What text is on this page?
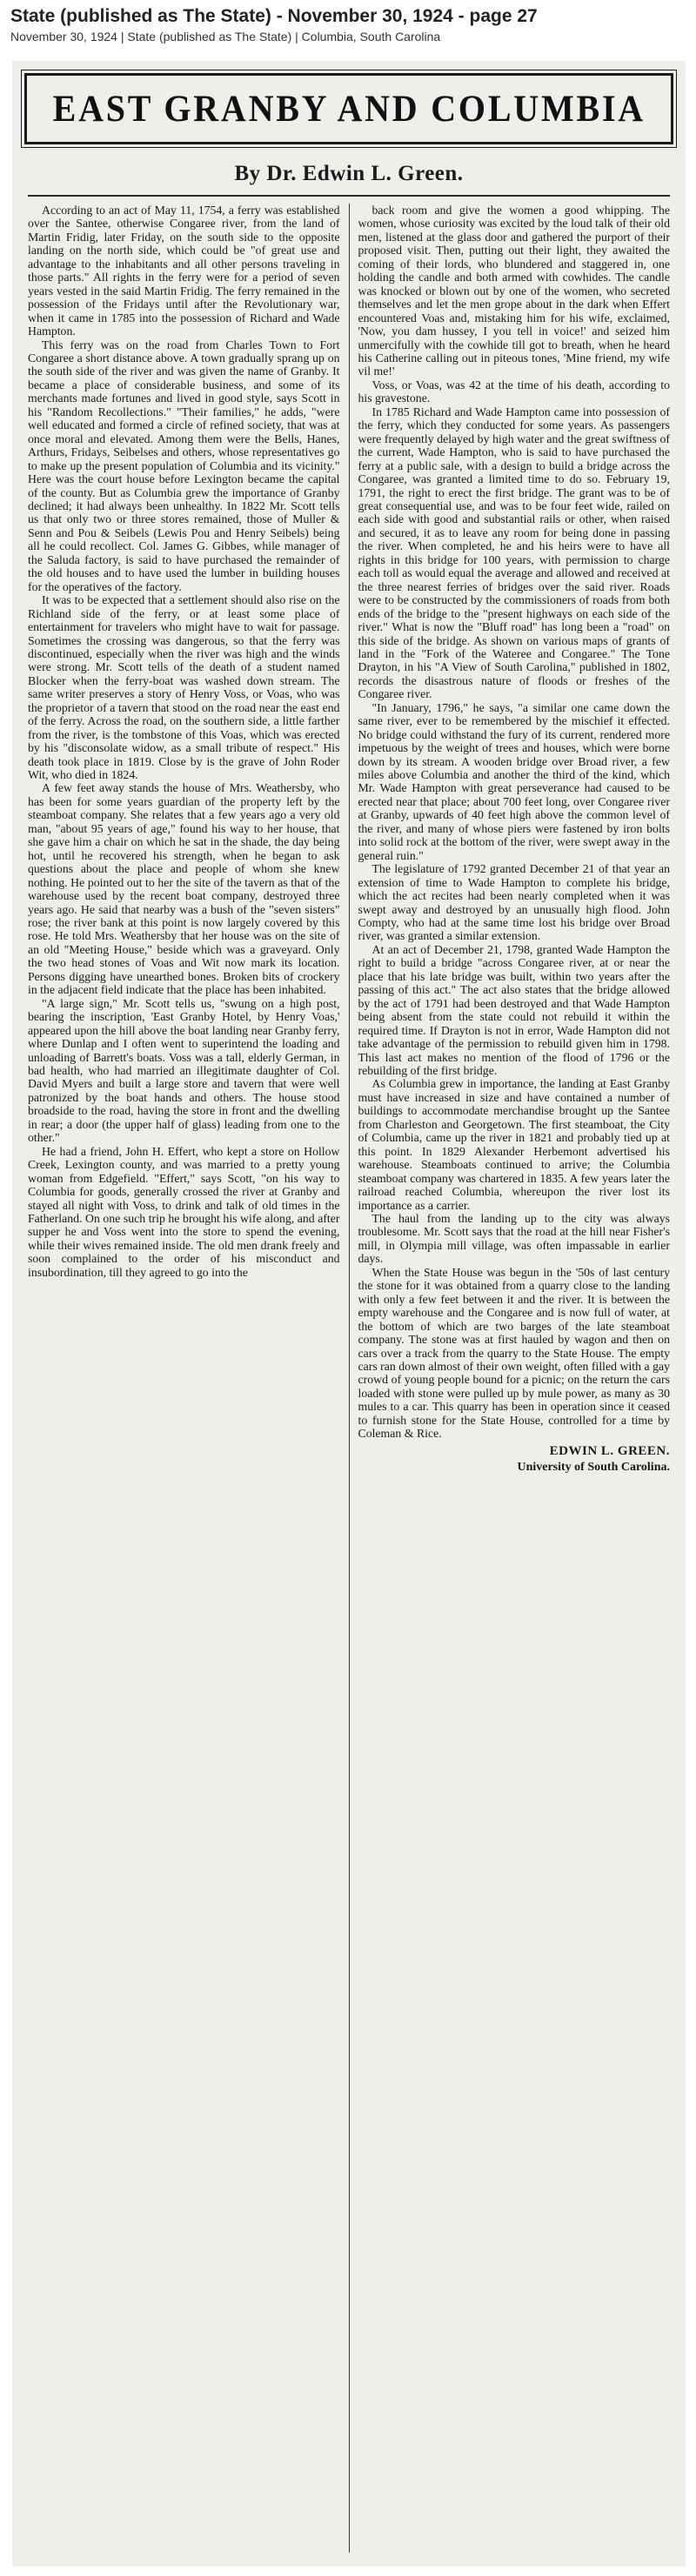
State (published as The State) - November 30, 1924 - page 27
November 30, 1924 | State (published as The State) | Columbia, South Carolina
EAST GRANBY AND COLUMBIA
By Dr. Edwin L. Green.

According to an act of May 11, 1754, a ferry was established over the Santee, otherwise Congaree river, from the land of Martin Fridig, later Friday, on the south side to the opposite landing on the north side, which could be "of great use and advantage to the inhabitants and all other persons traveling in those parts." All rights in the ferry were for a period of seven years vested in the said Martin Fridig. The ferry remained in the possession of the Fridays until after the Revolutionary war, when it came in 1785 into the possession of Richard and Wade Hampton.

This ferry was on the road from Charles Town to Fort Congaree a short distance above. A town gradually sprang up on the south side of the river and was given the name of Granby. It became a place of considerable business, and some of its merchants made fortunes and lived in good style, says Scott in his "Random Recollections." "Their families," he adds, "were well educated and formed a circle of refined society, that was at once moral and elevated. Among them were the Bells, Hanes, Arthurs, Fridays, Seibelses and others, whose representatives go to make up the present population of Columbia and its vicinity." Here was the court house before Lexington became the capital of the county. But as Columbia grew the importance of Granby declined; it had always been unhealthy. In 1822 Mr. Scott tells us that only two or three stores remained, those of Muller & Senn and Pou & Seibels (Lewis Pou and Henry Seibels) being all he could recollect. Col. James G. Gibbes, while manager of the Saluda factory, is said to have purchased the remainder of the old houses and to have used the lumber in building houses for the operatives of the factory.

It was to be expected that a settlement should also rise on the Richland side of the ferry, or at least some place of entertainment for travelers who might have to wait for passage. Sometimes the crossing was dangerous, so that the ferry was discontinued, especially when the river was high and the winds were strong. Mr. Scott tells of the death of a student named Blocker when the ferry-boat was washed down stream. The same writer preserves a story of Henry Voss, or Voas, who was the proprietor of a tavern that stood on the road near the east end of the ferry. Across the road, on the southern side, a little farther from the river, is the tombstone of this Voas, which was erected by his "disconsolate widow, as a small tribute of respect." His death took place in 1819. Close by is the grave of John Roder Wit, who died in 1824.

A few feet away stands the house of Mrs. Weathersby, who has been for some years guardian of the property left by the steamboat company. She relates that a few years ago a very old man, "about 95 years of age," found his way to her house, that she gave him a chair on which he sat in the shade, the day being hot, until he recovered his strength, when he began to ask questions about the place and people of whom she knew nothing. He pointed out to her the site of the tavern as that of the warehouse used by the recent boat company, destroyed three years ago. He said that nearby was a bush of the "seven sisters" rose; the river bank at this point is now largely covered by this rose. He told Mrs. Weathersby that her house was on the site of an old "Meeting House," beside which was a graveyard. Only the two head stones of Voas and Wit now mark its location. Persons digging have unearthed bones. Broken bits of crockery in the adjacent field indicate that the place has been inhabited.

"A large sign," Mr. Scott tells us, "swung on a high post, bearing the inscription, 'East Granby Hotel, by Henry Voas,' appeared upon the hill above the boat landing near Granby ferry, where Dunlap and I often went to superintend the loading and unloading of Barrett's boats. Voss was a tall, elderly German, in bad health, who had married an illegitimate daughter of Col. David Myers and built a large store and tavern that were well patronized by the boat hands and others. The house stood broadside to the road, having the store in front and the dwelling in rear; a door (the upper half of glass) leading from one to the other."

He had a friend, John H. Effert, who kept a store on Hollow Creek, Lexington county, and was married to a pretty young woman from Edgefield. "Effert," says Scott, "on his way to Columbia for goods, generally crossed the river at Granby and stayed all night with Voss, to drink and talk of old times in the Fatherland. On one such trip he brought his wife along, and after supper he and Voss went into the store to spend the evening, while their wives remained inside. The old men drank freely and soon complained to the order of his misconduct and insubordination, till they agreed to go into the

back room and give the women a good whipping. The women, whose curiosity was excited by the loud talk of their old men, listened at the glass door and gathered the purport of their proposed visit. Then, putting out their light, they awaited the coming of their lords, who blundered and staggered in, one holding the candle and both armed with cowhides. The candle was knocked or blown out by one of the women, who secreted themselves and let the men grope about in the dark when Effert encountered Voas and, mistaking him for his wife, exclaimed, 'Now, you dam hussey, I you tell in voice!' and seized him unmercifully with the cowhide till got to breath, when he heard his Catherine calling out in piteous tones, 'Mine friend, my wife vil me!'

Voss, or Voas, was 42 at the time of his death, according to his gravestone.

In 1785 Richard and Wade Hampton came into possession of the ferry, which they conducted for some years. As passengers were frequently delayed by high water and the great swiftness of the current, Wade Hampton, who is said to have purchased the ferry at a public sale, with a design to build a bridge across the Congaree, was granted a limited time to do so. February 19, 1791, the right to erect the first bridge. The grant was to be of great consequential use, and was to be four feet wide, railed on each side with good and substantial rails or other, when raised and secured, it as to leave any room for being done in passing the river. When completed, he and his heirs were to have all rights in this bridge for 100 years, with permission to charge each toll as would equal the average and allowed and received at the three nearest ferries of bridges over the said river. Roads were to be constructed by the commissioners of roads from both ends of the bridge to the "present highways on each side of the river." What is now the "Bluff road" has long been a "road" on this side of the bridge. As shown on various maps of grants of land in the "Fork of the Wateree and Congaree." The Tone Drayton, in his "A View of South Carolina," published in 1802, records the disastrous nature of floods or freshes of the Congaree river.

"In January, 1796," he says, "a similar one came down the same river, ever to be remembered by the mischief it effected. No bridge could withstand the fury of its current, rendered more impetuous by the weight of trees and houses, which were borne down by its stream. A wooden bridge over Broad river, a few miles above Columbia and another the third of the kind, which Mr. Wade Hampton with great perseverance had caused to be erected near that place; about 700 feet long, over Congaree river at Granby, upwards of 40 feet high above the common level of the river, and many of whose piers were fastened by iron bolts into solid rock at the bottom of the river, were swept away in the general ruin."

The legislature of 1792 granted December 21 of that year an extension of time to Wade Hampton to complete his bridge, which the act recites had been nearly completed when it was swept away and destroyed by an unusually high flood. John Compty, who had at the same time lost his bridge over Broad river, was granted a similar extension.

At an act of December 21, 1798, granted Wade Hampton the right to build a bridge "across Congaree river, at or near the place that his late bridge was built, within two years after the passing of this act." The act also states that the bridge allowed by the act of 1791 had been destroyed and that Wade Hampton being absent from the state could not rebuild it within the required time. If Drayton is not in error, Wade Hampton did not take advantage of the permission to rebuild given him in 1798. This last act makes no mention of the flood of 1796 or the rebuilding of the first bridge.

As Columbia grew in importance, the landing at East Granby must have increased in size and have contained a number of buildings to accommodate merchandise brought up the Santee from Charleston and Georgetown. The first steamboat, the City of Columbia, came up the river in 1821 and probably tied up at this point. In 1829 Alexander Herbemont advertised his warehouse. Steamboats continued to arrive; the Columbia steamboat company was chartered in 1835. A few years later the railroad reached Columbia, whereupon the river lost its importance as a carrier.

The haul from the landing up to the city was always troublesome. Mr. Scott says that the road at the hill near Fisher's mill, in Olympia mill village, was often impassable in earlier days.

When the State House was begun in the '50s of last century the stone for it was obtained from a quarry close to the landing with only a few feet between it and the river. It is between the empty warehouse and the Congaree and is now full of water, at the bottom of which are two barges of the late steamboat company. The stone was at first hauled by wagon and then on cars over a track from the quarry to the State House. The empty cars ran down almost of their own weight, often filled with a gay crowd of young people bound for a picnic; on the return the cars loaded with stone were pulled up by mule power, as many as 30 mules to a car. This quarry has been in operation since it ceased to furnish stone for the State House, controlled for a time by Coleman & Rice.

EDWIN L. GREEN.
University of South Carolina.
